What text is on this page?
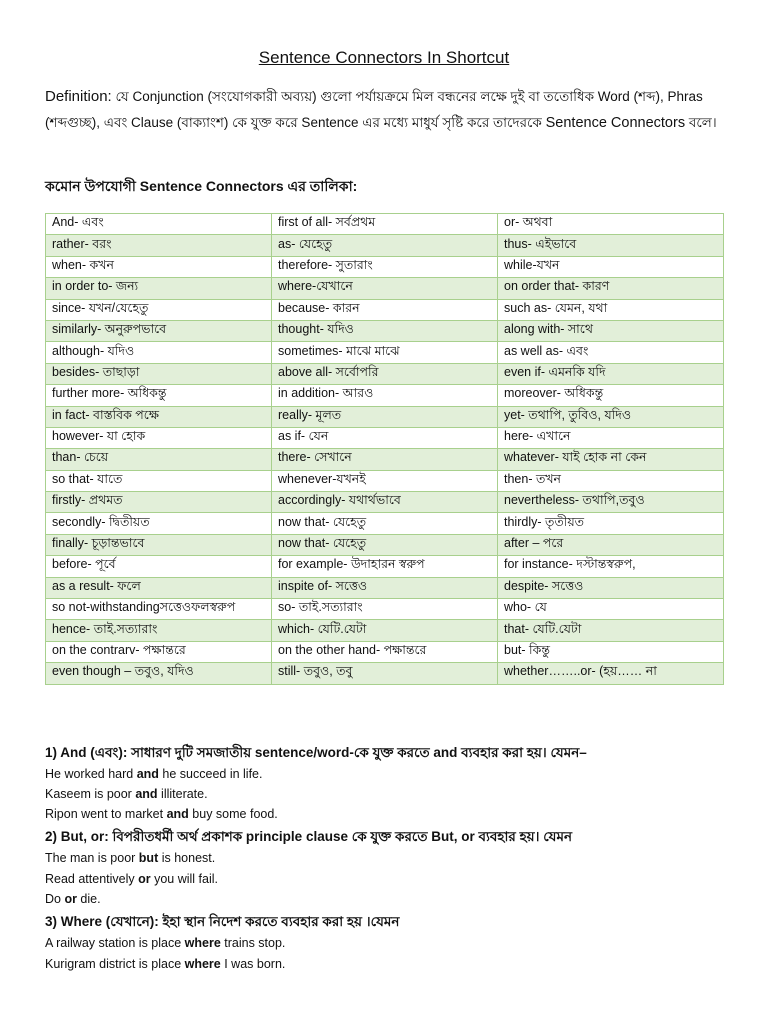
Sentence Connectors In Shortcut
Definition: যে Conjunction (সংযোগকারী অব্যয়) গুলো পর্যায়ক্রমে মিল বন্ধনের লক্ষে দুই বা ততোধিক Word (শব্দ), Phras (শব্দগুচ্ছ), এবং Clause (বাক্যাংশ) কে যুক্ত করে Sentence এর মধ্যে মাধুর্য সৃষ্টি করে তাদেরকে Sentence Connectors বলে।
কমোন উপযোগী Sentence Connectors এর তালিকা:
And- এবং	first of all- সর্বপ্রথম	or- অথবা
rather- বরং	as- যেহেতু	thus- এইভাবে
when- কখন	therefore- সুতারাং	while-যখন
in order to- জন্য	where-যেখানে	on order that- কারণ
since- যখন/যেহেতু	because- কারন	such as- যেমন, যথা
similarly- অনুরুপভাবে	thought- যদিও	along with- সাথে
although- যদিও	sometimes- মাঝে মাঝে	as well as- এবং
besides- তাছাড়া	above all- সর্বোপরি	even if- এমনকি যদি
further more- অধিকন্তু	in addition- আরও	moreover- অধিকন্তু
in fact- বাস্তবিক পক্ষে	really- মূলত	yet- তথাপি, তুবিও, যদিও
however- যা হোক	as if- যেন	here- এখানে
than- চেয়ে	there- সেখানে	whatever- যাই হোক না কেন
so that- যাতে	whenever-যখনই	then- তখন
firstly- প্রথমত	accordingly- যথার্থভাবে	nevertheless- তথাপি,তবুও
secondly- দ্বিতীয়ত	now that- যেহেতু	thirdly- তৃতীয়ত
finally- চূড়ান্তভাবে	now that- যেহেতু	after – পরে
before- পূর্বে	for example- উদাহারন স্বরুপ	for instance- দস্টান্তস্বরুপ,
as a result- ফলে	inspite of- সত্তেও	despite- সত্তেও
so not-withstandingসত্তেওফলস্বরুপ	so- তাই.সত্যারাং	who- যে
hence- তাই.সত্যারাং	which- যেটি.যেটা	that- যেটি.যেটা
on the contrarv- পক্ষান্তরে	on the other hand- পক্ষান্তরে	but- কিন্তু
even though – তবুও, যদিও	still- তবুও, তবু	whether……..or- (হয়…… না
1) And (এবং): সাধারণ দুটি সমজাতীয় sentence/word-কে যুক্ত করতে and ব্যবহার করা হয়। যেমন–
He worked hard and he succeed in life.
Kaseem is poor and illiterate.
Ripon went to market and buy some food.
2) But, or: বিপরীতধর্মী অর্থ প্রকাশক principle clause কে যুক্ত করতে But, or ব্যবহার হয়। যেমন
The man is poor but is honest.
Read attentively or you will fail.
Do or die.
3) Where (যেখানে): ইহা স্থান নিদেশ করতে ব্যবহার করা হয় ।যেমন
A railway station is place where trains stop.
Kurigram district is place where I was born.
